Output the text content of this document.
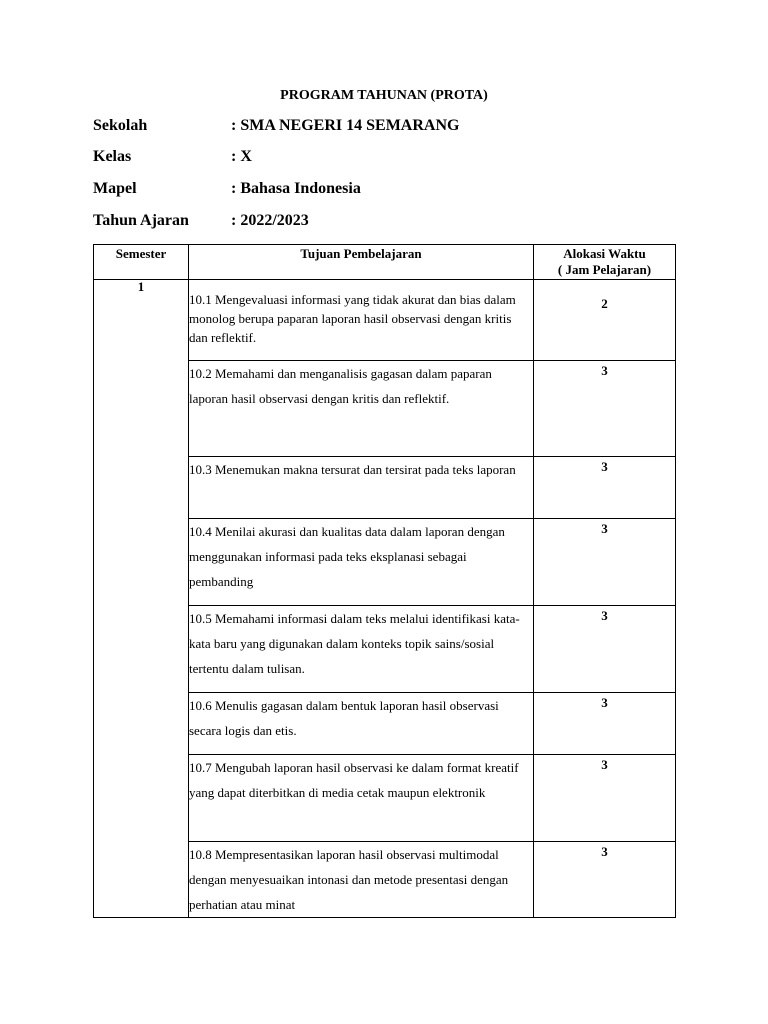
PROGRAM TAHUNAN (PROTA)
Sekolah	: SMA NEGERI 14 SEMARANG
Kelas	: X
Mapel	: Bahasa Indonesia
Tahun Ajaran	: 2022/2023
Semester	Tujuan Pembelajaran	Alokasi Waktu
( Jam Pelajaran)
1	10.1 Mengevaluasi informasi yang tidak akurat dan bias dalam monolog berupa paparan laporan hasil observasi dengan kritis dan reflektif.	2
	10.2 Memahami dan menganalisis gagasan dalam paparan laporan hasil observasi dengan kritis dan reflektif.	3
	10.3 Menemukan makna tersurat dan tersirat pada teks laporan	3
	10.4 Menilai akurasi dan kualitas data dalam laporan dengan menggunakan informasi pada teks eksplanasi sebagai pembanding	3
	10.5 Memahami informasi dalam teks melalui identifikasi kata-kata baru yang digunakan dalam konteks topik sains/sosial tertentu dalam tulisan.	3
	10.6 Menulis gagasan dalam bentuk laporan hasil observasi secara logis dan etis.	3
	10.7 Mengubah laporan hasil observasi ke dalam format kreatif yang dapat diterbitkan di media cetak maupun elektronik	3
	10.8 Mempresentasikan laporan hasil observasi multimodal dengan menyesuaikan intonasi dan metode presentasi dengan perhatian atau minat	3
